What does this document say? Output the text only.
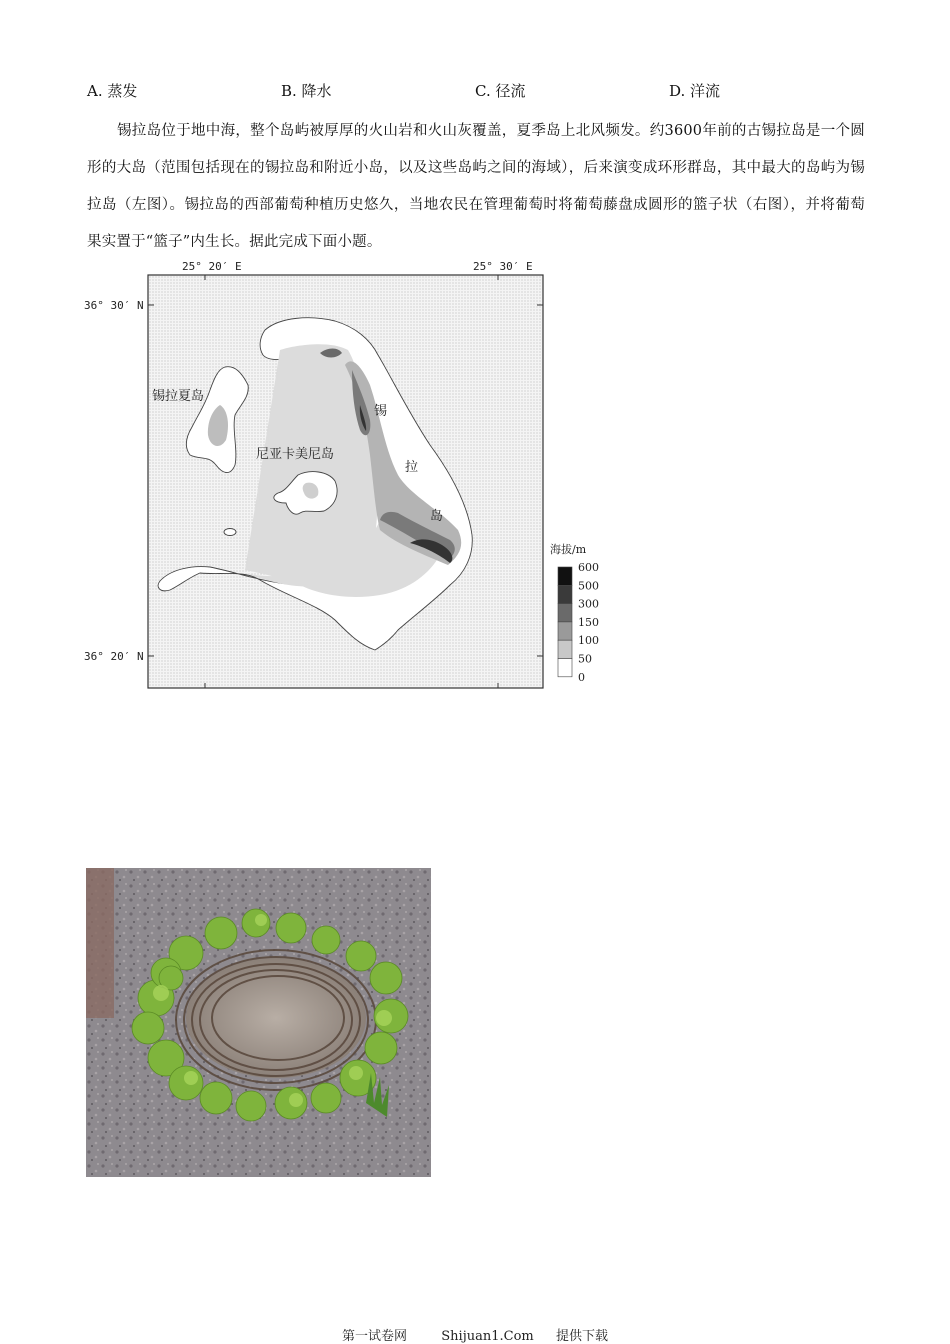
A. 蒸发	B. 降水	C. 径流	D. 洋流
锡拉岛位于地中海，整个岛屿被厚厚的火山岩和火山灰覆盖，夏季岛上北风频发。约3600年前的古锡拉岛是一个圆形的大岛（范围包括现在的锡拉岛和附近小岛，以及这些岛屿之间的海域），后来演变成环形群岛，其中最大的岛屿为锡拉岛（左图）。锡拉岛的西部葡萄种植历史悠久，当地农民在管理葡萄时将葡萄藤盘成圆形的篮子状（右图），并将葡萄果实置于“篮子”内生长。据此完成下面小题。
25° 20′ E	25° 30′ E
36° 30′ N
36° 20′ N
锡拉夏岛
尼亚卡美尼岛
锡
拉
岛
海拔/m
600
500
300
150
100
50
0
第一试卷网	Shijuan1.Com 提供下载
